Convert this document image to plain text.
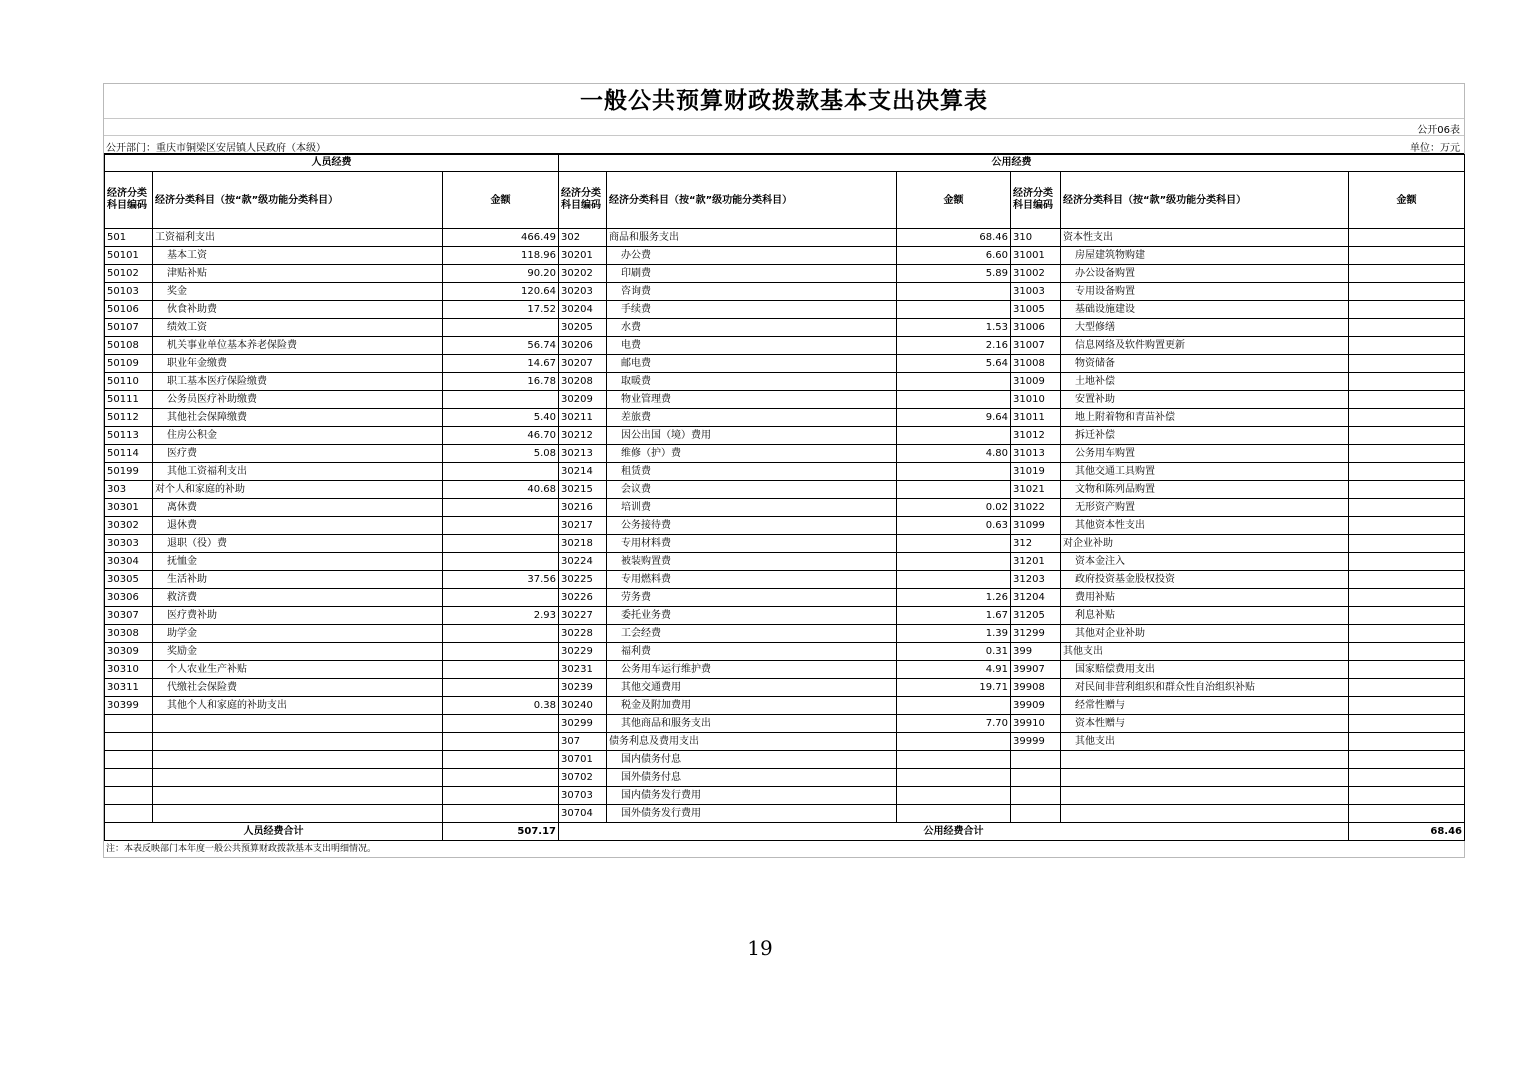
一般公共预算财政拨款基本支出决算表
公开06表
公开部门：重庆市铜梁区安居镇人民政府（本级）	单位：万元
人员经费			公用经费					
经济分类科目编码	经济分类科目（按“款”级功能分类科目）	金额	经济分类科目编码	经济分类科目（按“款”级功能分类科目）	金额	经济分类科目编码	经济分类科目（按“款”级功能分类科目）	金额
501	工资福利支出	466.49	302	商品和服务支出	68.46	310	资本性支出	
50101	基本工资	118.96	30201	办公费	6.60	31001	房屋建筑物购建	
50102	津贴补贴	90.20	30202	印刷费	5.89	31002	办公设备购置	
50103	奖金	120.64	30203	咨询费		31003	专用设备购置	
50106	伙食补助费	17.52	30204	手续费		31005	基础设施建设	
50107	绩效工资		30205	水费	1.53	31006	大型修缮	
50108	机关事业单位基本养老保险费	56.74	30206	电费	2.16	31007	信息网络及软件购置更新	
50109	职业年金缴费	14.67	30207	邮电费	5.64	31008	物资储备	
50110	职工基本医疗保险缴费	16.78	30208	取暖费		31009	土地补偿	
50111	公务员医疗补助缴费		30209	物业管理费		31010	安置补助	
50112	其他社会保障缴费	5.40	30211	差旅费	9.64	31011	地上附着物和青苗补偿	
50113	住房公积金	46.70	30212	因公出国（境）费用		31012	拆迁补偿	
50114	医疗费	5.08	30213	维修（护）费	4.80	31013	公务用车购置	
50199	其他工资福利支出		30214	租赁费		31019	其他交通工具购置	
303	对个人和家庭的补助	40.68	30215	会议费		31021	文物和陈列品购置	
30301	离休费		30216	培训费	0.02	31022	无形资产购置	
30302	退休费		30217	公务接待费	0.63	31099	其他资本性支出	
30303	退职（役）费		30218	专用材料费		312	对企业补助	
30304	抚恤金		30224	被装购置费		31201	资本金注入	
30305	生活补助	37.56	30225	专用燃料费		31203	政府投资基金股权投资	
30306	救济费		30226	劳务费	1.26	31204	费用补贴	
30307	医疗费补助	2.93	30227	委托业务费	1.67	31205	利息补贴	
30308	助学金		30228	工会经费	1.39	31299	其他对企业补助	
30309	奖励金		30229	福利费	0.31	399	其他支出	
30310	个人农业生产补贴		30231	公务用车运行维护费	4.91	39907	国家赔偿费用支出	
30311	代缴社会保险费		30239	其他交通费用	19.71	39908	对民间非营利组织和群众性自治组织补贴	
30399	其他个人和家庭的补助支出	0.38	30240	税金及附加费用		39909	经常性赠与	
			30299	其他商品和服务支出	7.70	39910	资本性赠与	
			307	债务利息及费用支出		39999	其他支出	
			30701	国内债务付息				
			30702	国外债务付息				
			30703	国内债务发行费用				
			30704	国外债务发行费用				
人员经费合计		507.17	公用经费合计					68.46
注：本表反映部门本年度一般公共预算财政拨款基本支出明细情况。
19
